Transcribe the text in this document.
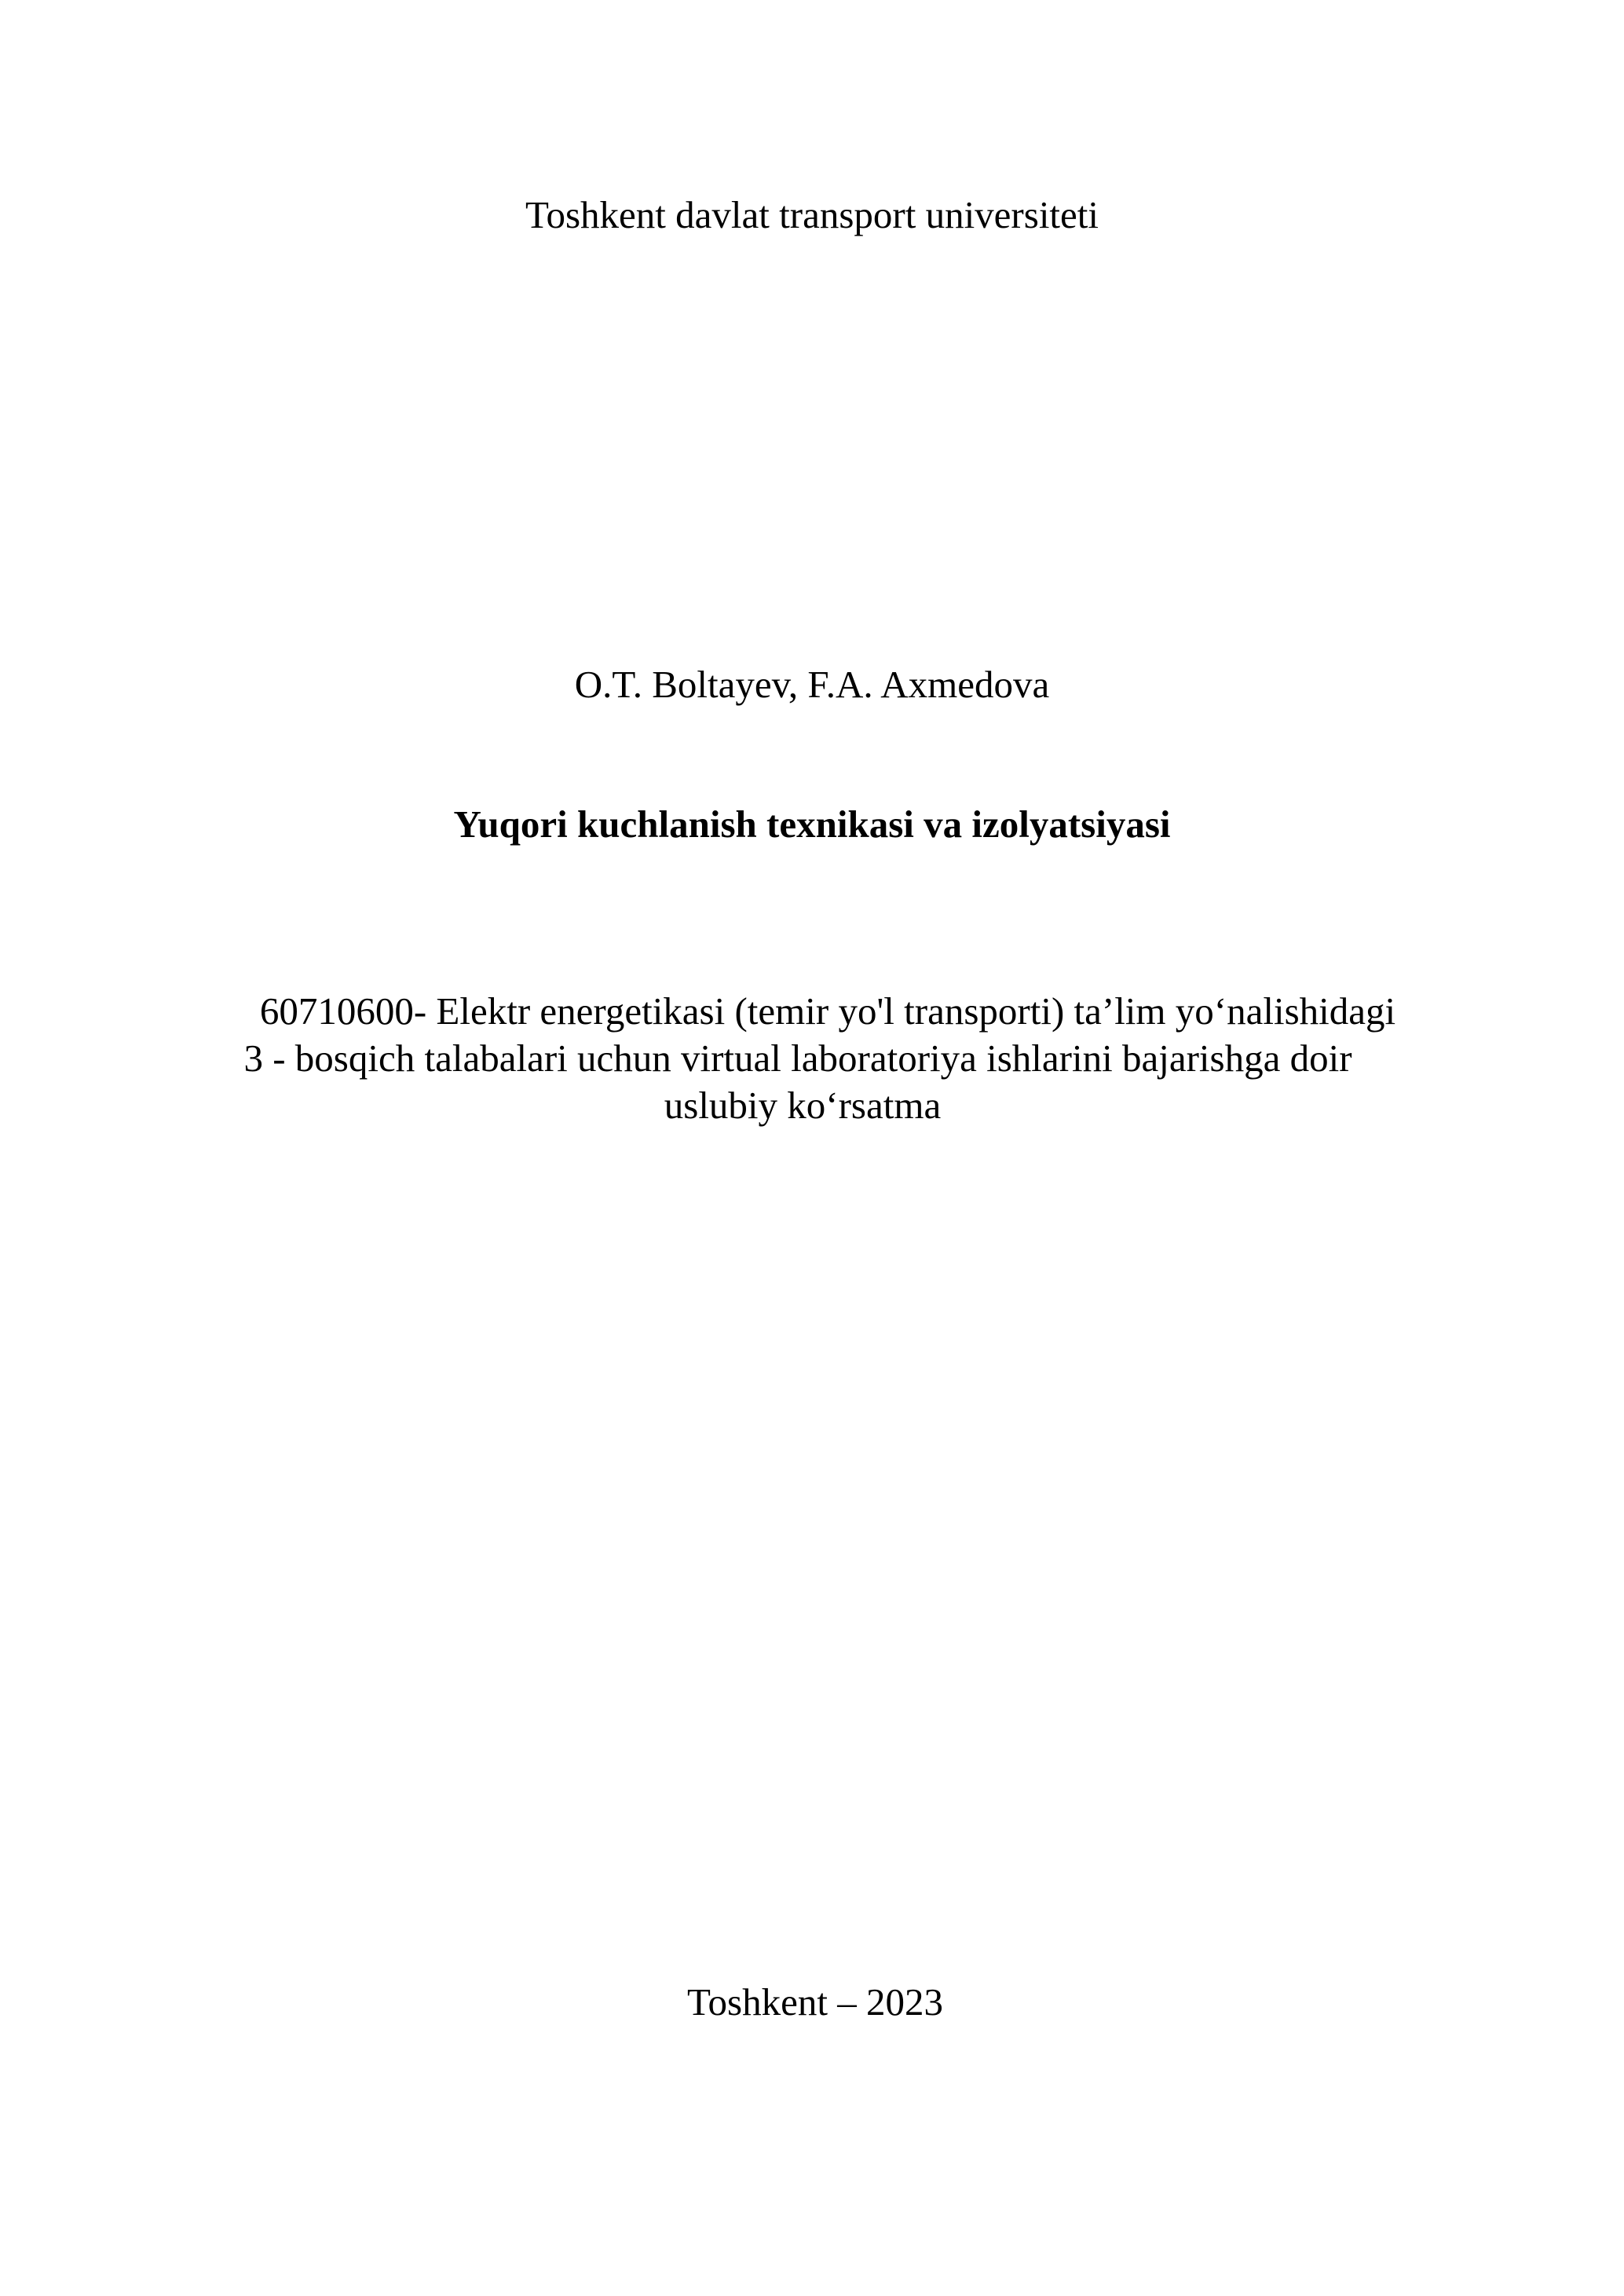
Toshkent davlat transport universiteti
O.T. Boltayev, F.A. Axmedova
Yuqori kuchlanish texnikasi va izolyatsiyasi
60710600- Elektr energetikasi (temir yo'l transporti) ta’lim yo‘nalishidagi
3 - bosqich talabalari uchun virtual laboratoriya ishlarini bajarishga doir
uslubiy ko‘rsatma
Toshkent – 2023
